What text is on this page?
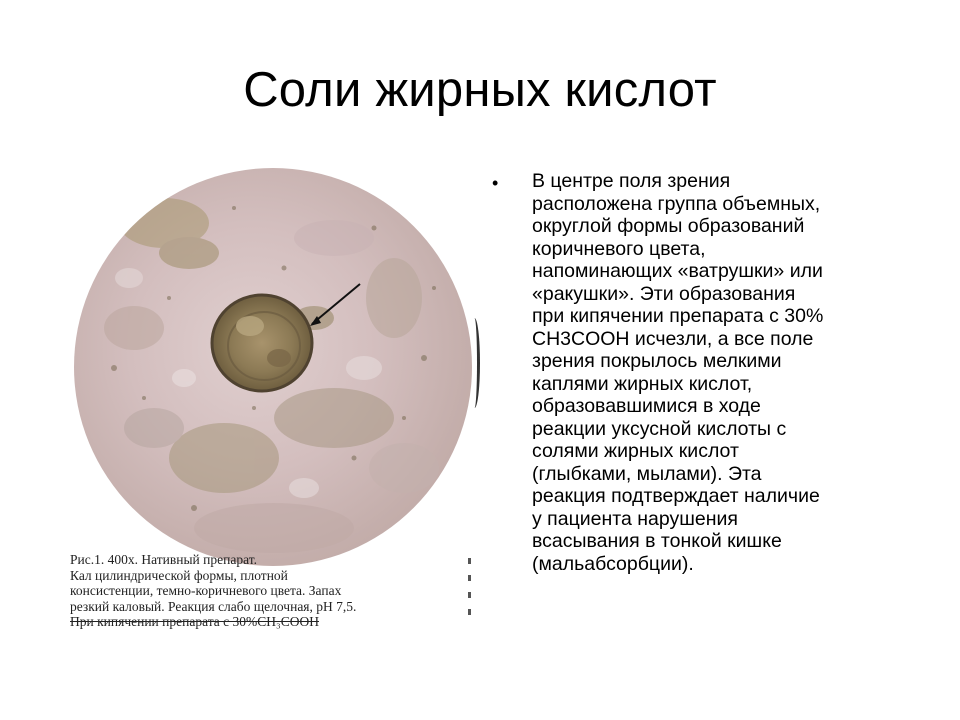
Соли жирных кислот
Рис.1. 400х. Нативный препарат.
Кал цилиндрической формы, плотной
консистенции, темно-коричневого цвета. Запах
резкий каловый. Реакция слабо щелочная, рН 7,5.
При кипячении препарата с 30%CH₃COOH
• В центре поля зрения
расположена группа объемных,
округлой формы образований
коричневого цвета,
напоминающих «ватрушки» или
«ракушки». Эти образования
при кипячении препарата с 30%
CH3COOH исчезли, а все поле
зрения покрылось мелкими
каплями жирных кислот,
образовавшимися в ходе
реакции уксусной кислоты с
солями жирных кислот
(глыбками, мылами). Эта
реакция подтверждает наличие
у пациента нарушения
всасывания в тонкой кишке
(мальабсорбции).
